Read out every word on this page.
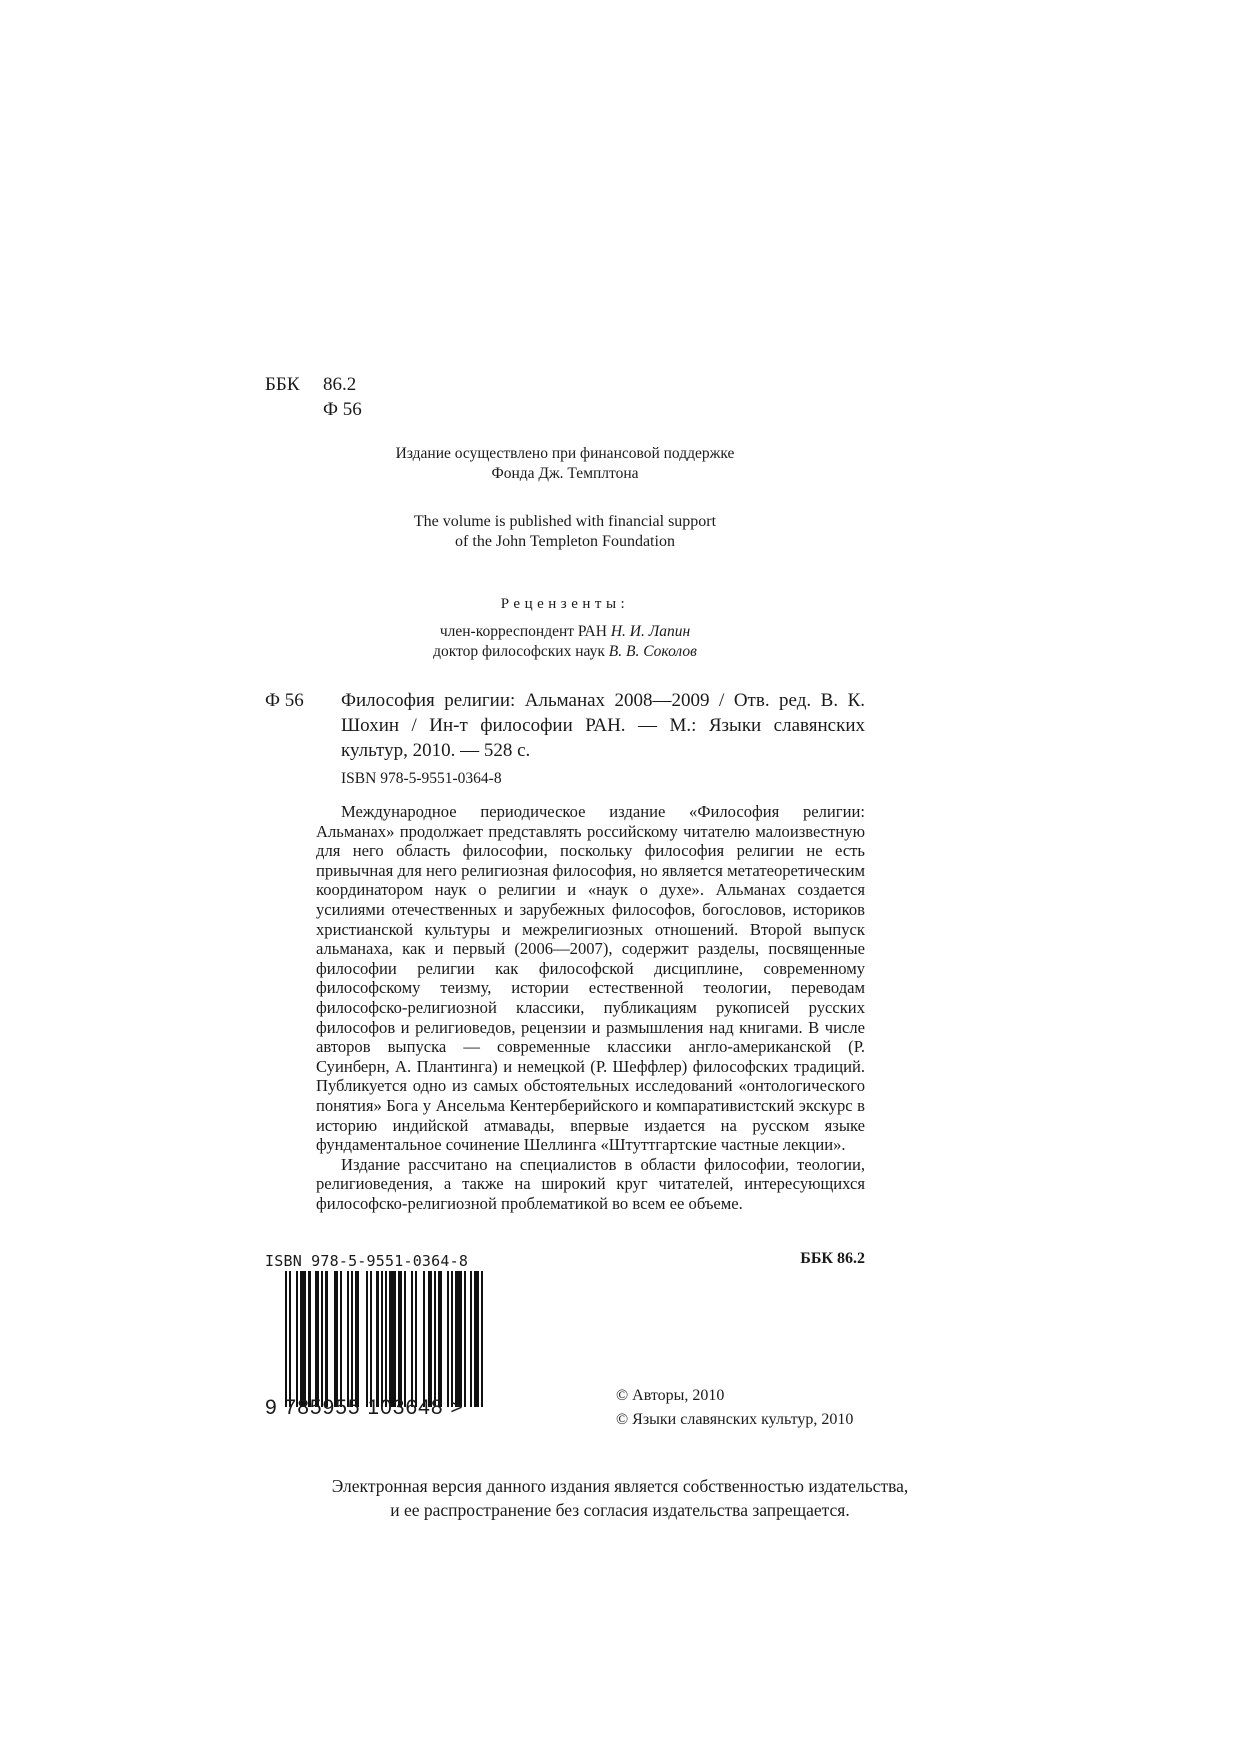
ББК 86.2
Ф 56
Издание осуществлено при финансовой поддержке
Фонда Дж. Темплтона
The volume is published with financial support
of the John Templeton Foundation
Рецензенты:
член-корреспондент РАН Н. И. Лапин
доктор философских наук В. В. Соколов
Ф 56 Философия религии: Альманах 2008—2009 / Отв. ред. В. К. Шохин / Ин-т философии РАН. — М.: Языки славянских культур, 2010. — 528 с.
ISBN 978-5-9551-0364-8

Международное периодическое издание «Философия религии: Альманах» продолжает представлять российскому читателю малоизвестную для него область философии, поскольку философия религии не есть привычная для него религиозная философия, но является метатеоретическим координатором наук о религии и «наук о духе». Альманах создается усилиями отечественных и зарубежных философов, богословов, историков христианской культуры и межрелигиозных отношений. Второй выпуск альманаха, как и первый (2006—2007), содержит разделы, посвященные философии религии как философской дисциплине, современному философскому теизму, истории естественной теологии, переводам философско-религиозной классики, публикациям рукописей русских философов и религиоведов, рецензии и размышления над книгами. В числе авторов выпуска — современные классики англо-американской (Р. Суинберн, А. Плантинга) и немецкой (Р. Шеффлер) философских традиций. Публикуется одно из самых обстоятельных исследований «онтологического понятия» Бога у Ансельма Кентерберийского и компаративистский экскурс в историю индийской атмавады, впервые издается на русском языке фундаментальное сочинение Шеллинга «Штуттгартские частные лекции».

Издание рассчитано на специалистов в области философии, теологии, религиоведения, а также на широкий круг читателей, интересующихся философско-религиозной проблематикой во всем ее объеме.

ISBN 978-5-9551-0364-8	ББК 86.2
9 785955 103648 >
© Авторы, 2010
© Языки славянских культур, 2010
Электронная версия данного издания является собственностью издательства,
и ее распространение без согласия издательства запрещается.
